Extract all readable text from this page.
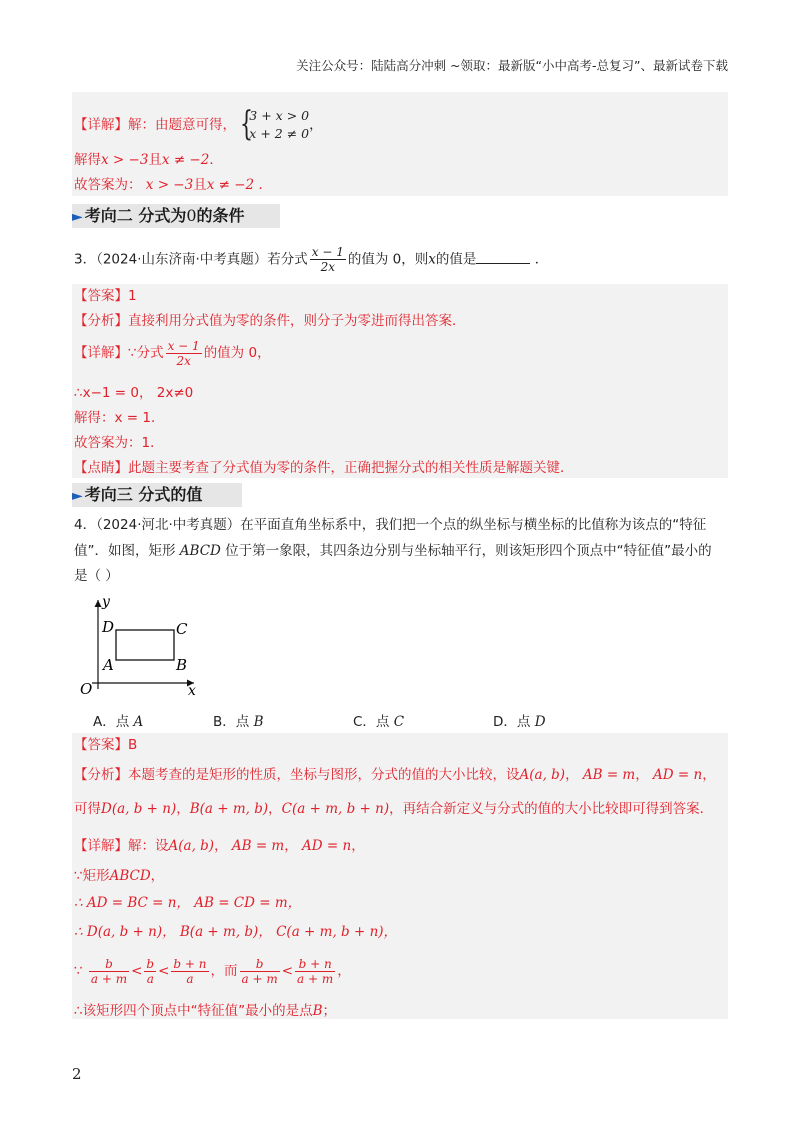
关注公众号：陆陆高分冲刺 ~领取：最新版“小中高考-总复习”、最新试卷下载
【详解】解：由题意可得， {
3 + x > 0
x + 2 ≠ 0
，
解得x > −3且x ≠ −2．
故答案为： x > −3且x ≠ −2 ．
► 考向二 分式为0的条件
3．（2024·山东济南·中考真题）若分式 $\frac{x - 1}{2x}$ 的值为 0，则x的值是	．
【答案】1
【分析】直接利用分式值为零的条件，则分子为零进而得出答案．
【详解】∵分式 $\frac{x - 1}{2x}$ 的值为 0，
∴x−1 = 0， 2x≠0
解得：x = 1．
故答案为：1．
【点睛】此题主要考查了分式值为零的条件，正确把握分式的相关性质是解题关键．
► 考向三 分式的值
4．（2024·河北·中考真题）在平面直角坐标系中，我们把一个点的纵坐标与横坐标的比值称为该点的“特征
值”．如图，矩形 ABCD 位于第一象限，其四条边分别与坐标轴平行，则该矩形四个顶点中“特征值”最小的
是（ ）
y
x
O
A	B
C
D
A．点 A	B．点 B	C．点 C	D．点 D
【答案】B
【分析】本题考查的是矩形的性质，坐标与图形，分式的值的大小比较，设A(a, b)， AB = m， AD = n，
可得D(a, b + n)，B(a + m, b)，C(a + m, b + n)，再结合新定义与分式的值的大小比较即可得到答案．
【详解】解：设A(a, b)， AB = m， AD = n，
∵矩形ABCD，
∴ AD = BC = n， AB = CD = m，
∴ D(a, b + n)， B(a + m, b)， C(a + m, b + n)，
∵ $\frac{b}{a + m} < \frac{b}{a} < \frac{b + n}{a}$ ，而 $\frac{b}{a + m} < \frac{b + n}{a + m}$ ，
∴该矩形四个顶点中“特征值”最小的是点B；
2
